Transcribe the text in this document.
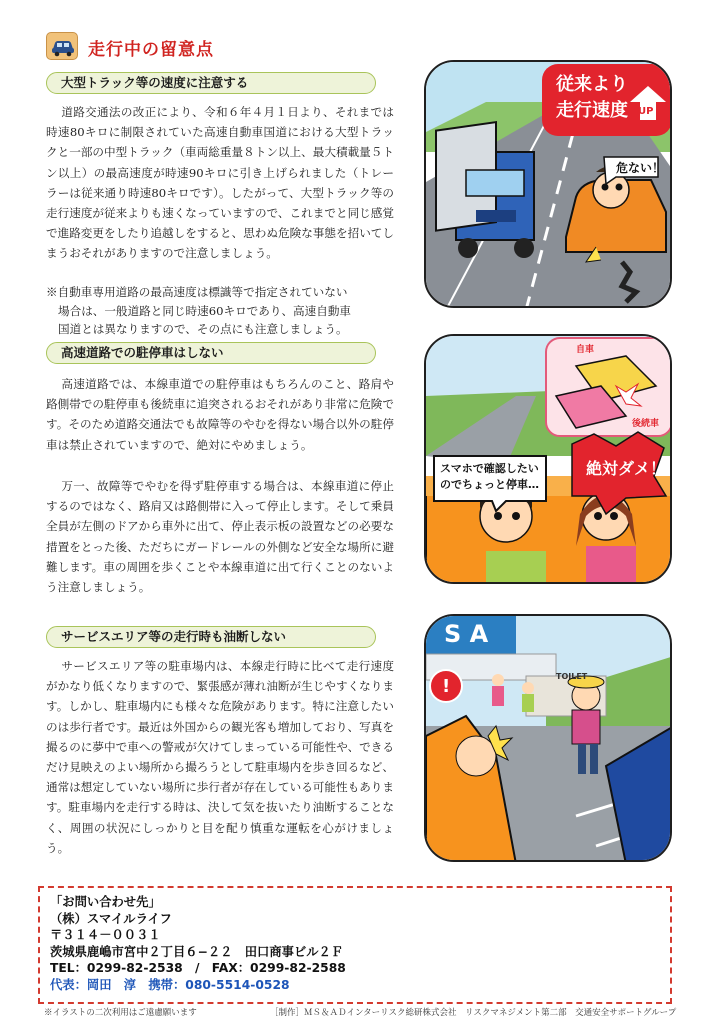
走行中の留意点
大型トラック等の速度に注意する
道路交通法の改正により、令和６年４月１日より、それまでは時速80キロに制限されていた高速自動車国道における大型トラックと一部の中型トラック（車両総重量８トン以上、最大積載量５トン以上）の最高速度が時速90キロに引き上げられました（トレーラーは従来通り時速80キロです）。したがって、大型トラック等の走行速度が従来よりも速くなっていますので、これまでと同じ感覚で進路変更をしたり追越しをすると、思わぬ危険な事態を招いてしまうおそれがありますので注意しましょう。
※自動車専用道路の最高速度は標識等で指定されていない
場合は、一般道路と同じ時速60キロであり、高速自動車
国道とは異なりますので、その点にも注意しましょう。
高速道路での駐停車はしない
高速道路では、本線車道での駐停車はもちろんのこと、路肩や路側帯での駐停車も後続車に追突されるおそれがあり非常に危険です。そのため道路交通法でも故障等のやむを得ない場合以外の駐停車は禁止されていますので、絶対にやめましょう。
万一、故障等でやむを得ず駐停車する場合は、本線車道に停止するのではなく、路肩又は路側帯に入って停止します。そして乗員全員が左側のドアから車外に出て、停止表示板の設置などの必要な措置をとった後、ただちにガードレールの外側など安全な場所に避難します。車の周囲を歩くことや本線車道に出て行くことのないよう注意しましょう。
サービスエリア等の走行時も油断しない
サービスエリア等の駐車場内は、本線走行時に比べて走行速度がかなり低くなりますので、緊張感が薄れ油断が生じやすくなります。しかし、駐車場内にも様々な危険があります。特に注意したいのは歩行者です。最近は外国からの観光客も増加しており、写真を撮るのに夢中で車への警戒が欠けてしまっている可能性や、できるだけ見映えのよい場所から撮ろうとして駐車場内を歩き回るなど、通常は想定していない場所に歩行者が存在している可能性もあります。駐車場内を走行する時は、決して気を抜いたり油断することなく、周囲の状況にしっかりと目を配り慎重な運転を心がけましょう。
従来より
走行速度 UP
危ない！
自車
後続車
スマホで確認したい
のでちょっと停車…
絶対ダメ！
S A
TOILET
!
「お問い合わせ先」
（株）スマイルライフ
〒３１４－００３１
茨城県鹿嶋市宮中２丁目６−２２　田口商事ビル２Ｆ
TEL：0299-82-2538　/　FAX：0299-82-2588
代表：岡田　淳　携帯：080-5514-0528
※イラストの二次利用はご遠慮願います	［制作］ＭＳ＆ＡＤインターリスク総研株式会社　リスクマネジメント第二部　交通安全サポートグループ
